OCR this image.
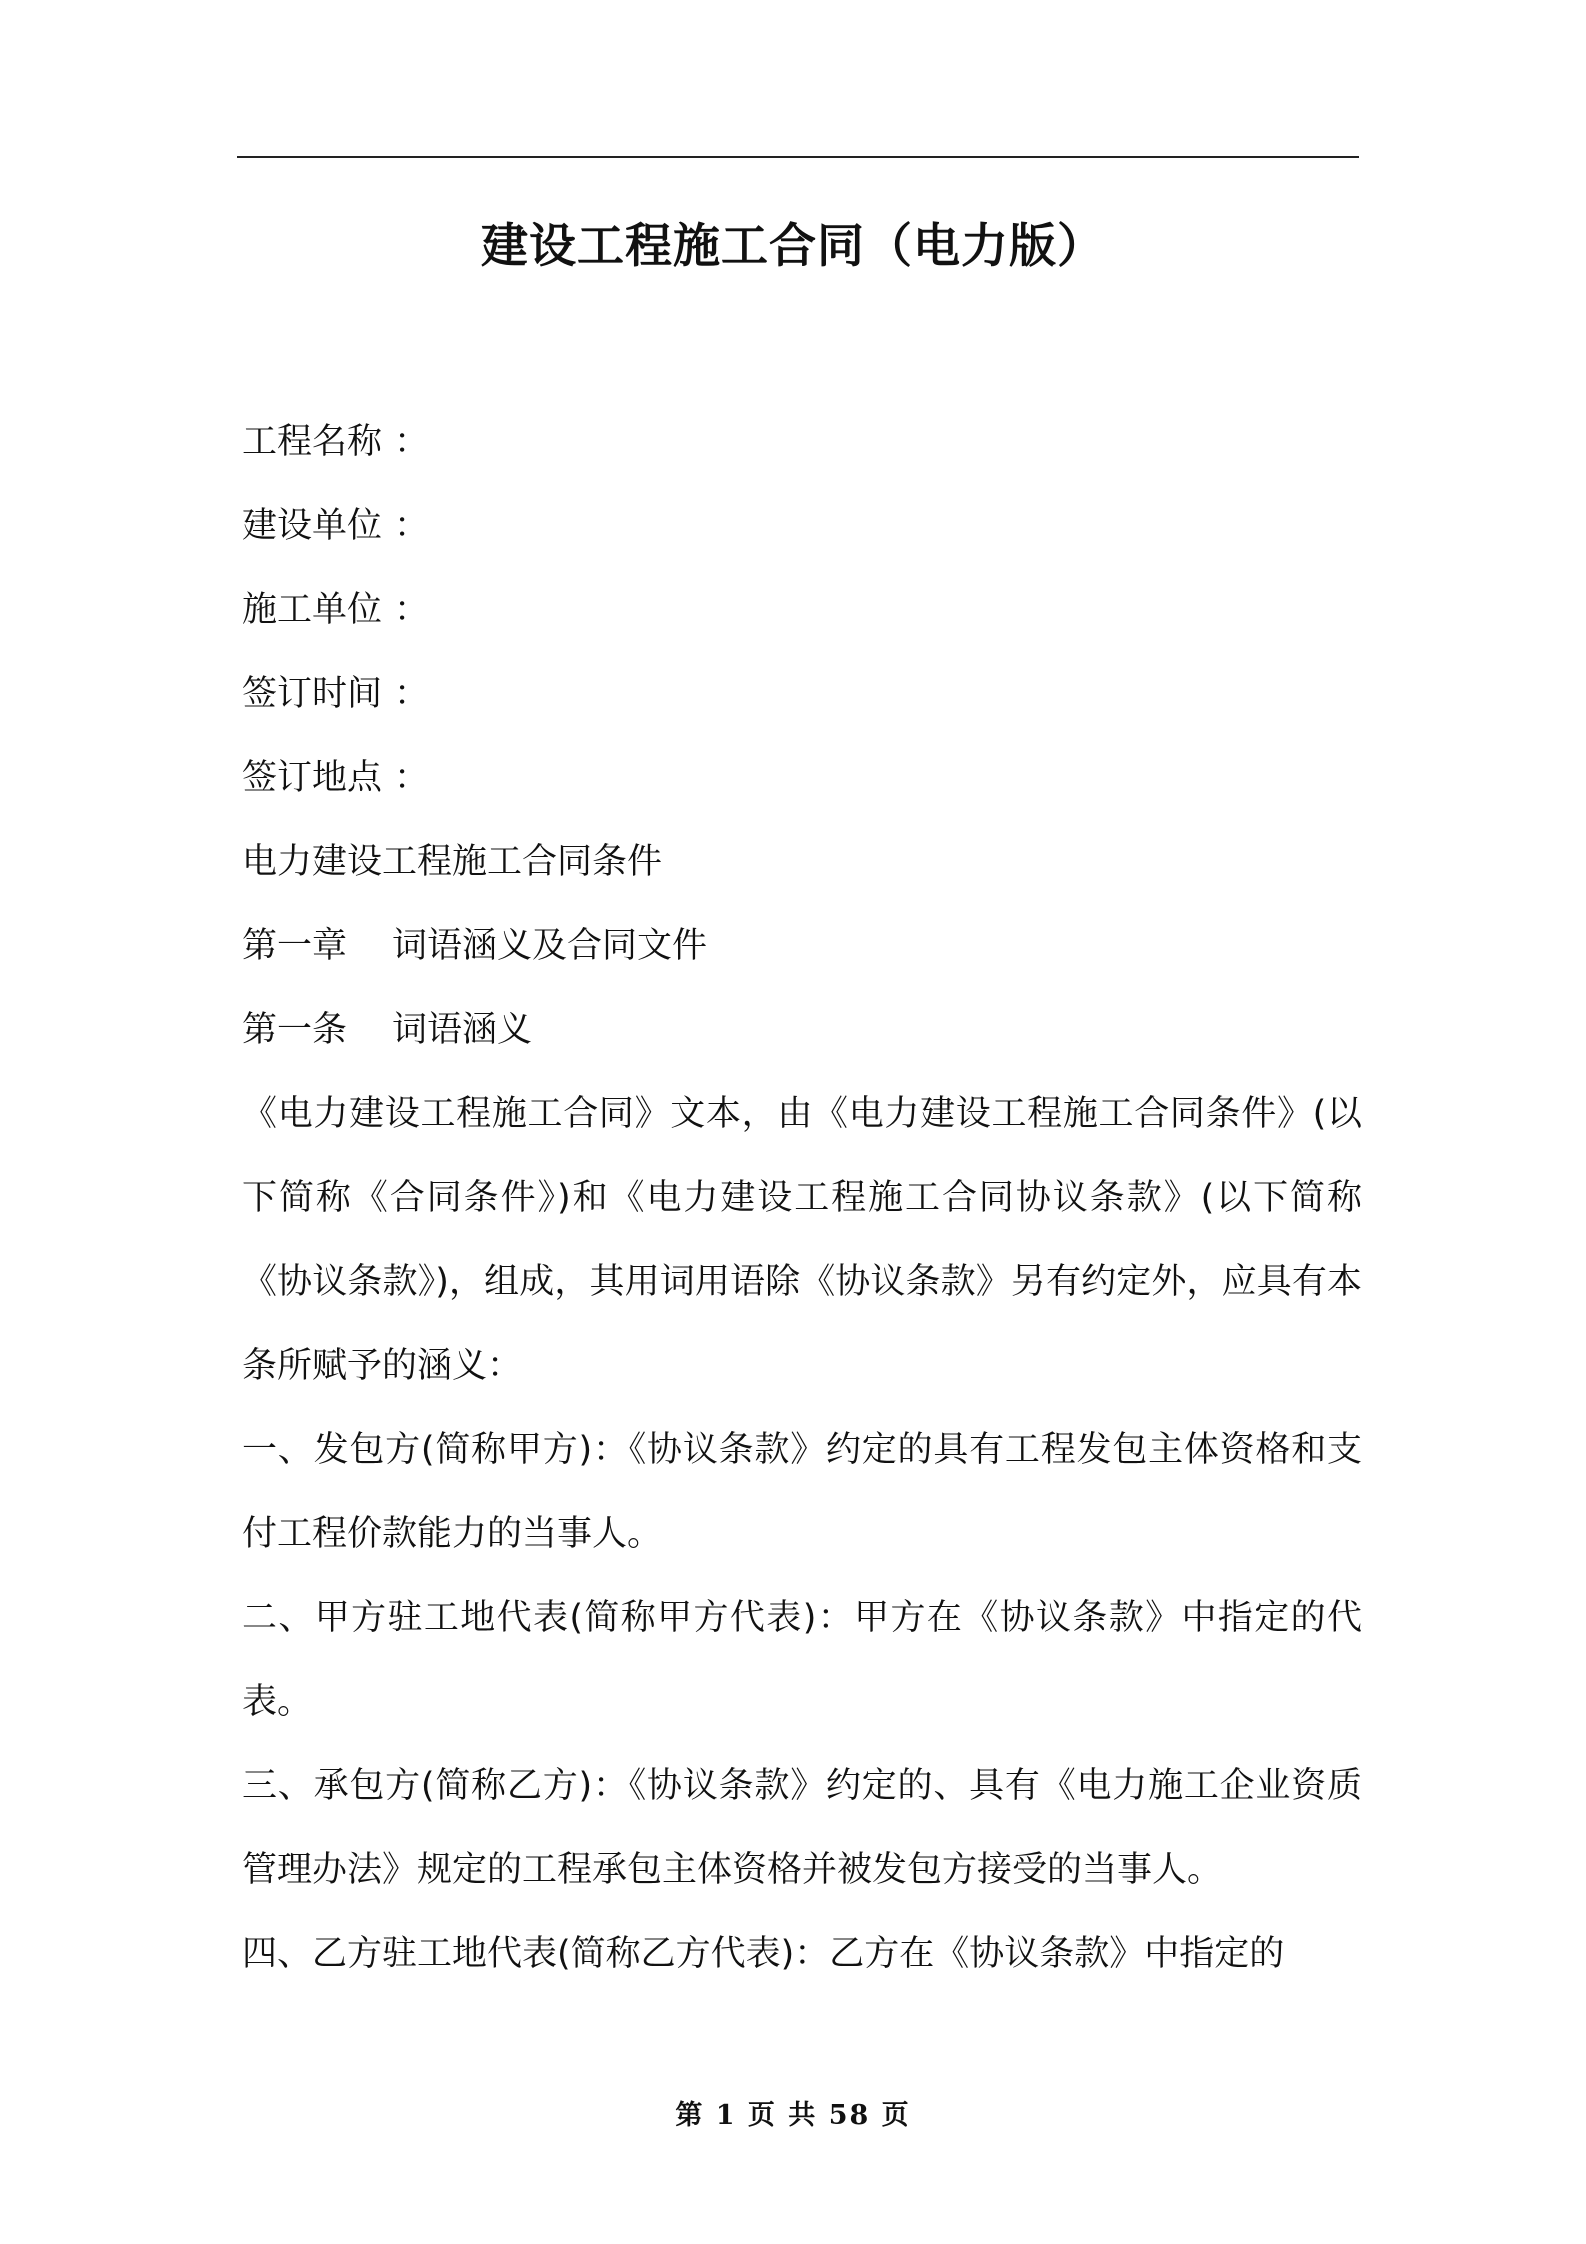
建设工程施工合同（电力版）
工程名称 ：
建设单位 ：
施工单位 ：
签订时间 ：
签订地点 ：
电力建设工程施工合同条件
第一章 词语涵义及合同文件
第一条 词语涵义

《电力建设工程施工合同》文本，由《电力建设工程施工合同条件》(以下简称《合同条件》)和《电力建设工程施工合同协议条款》(以下简称《协议条款》)，组成，其用词用语除《协议条款》另有约定外，应具有本条所赋予的涵义：

一、发包方(简称甲方)：《协议条款》约定的具有工程发包主体资格和支付工程价款能力的当事人。

二、甲方驻工地代表(简称甲方代表)：甲方在《协议条款》中指定的代表。

三、承包方(简称乙方)：《协议条款》约定的、具有《电力施工企业资质管理办法》规定的工程承包主体资格并被发包方接受的当事人。

四、乙方驻工地代表(简称乙方代表)：乙方在《协议条款》中指定的

第 1 页 共 58 页
